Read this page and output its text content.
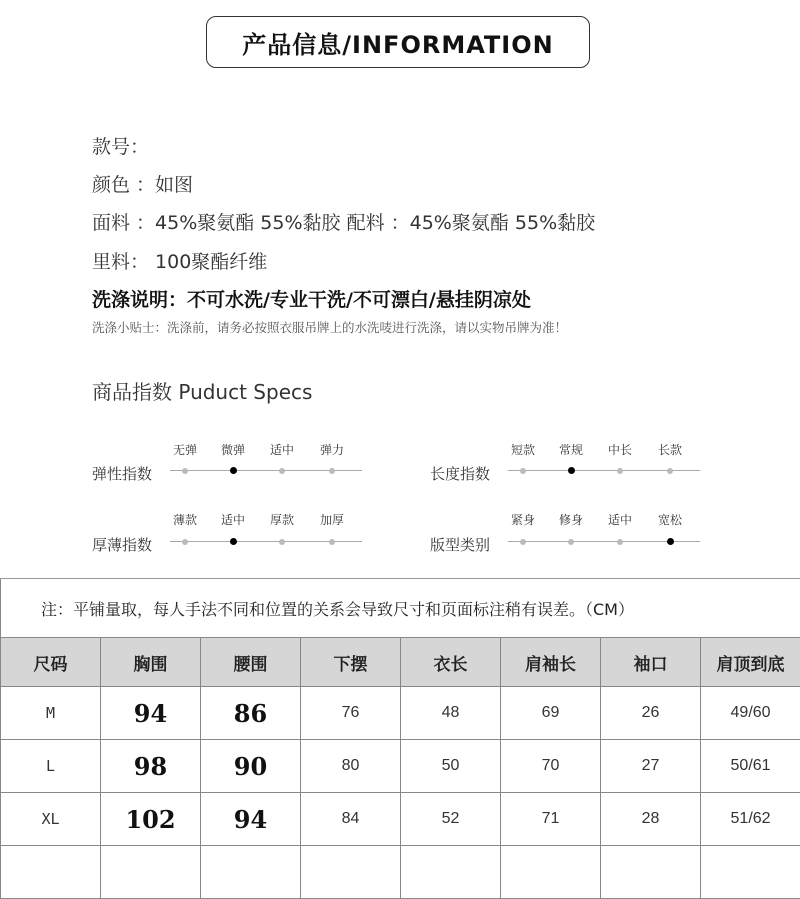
产品信息/INFORMATION
款号：
颜色 ：如图
面料 ：45%聚氨酯 55%黏胶 配料 ：45%聚氨酯 55%黏胶
里料： 100聚酯纤维
洗涤说明：不可水洗/专业干洗/不可漂白/悬挂阴凉处
洗涤小贴士：洗涤前，请务必按照衣服吊牌上的水洗唛进行洗涤，请以实物吊牌为准！
商品指数 Puduct Specs
弹性指数
无弹	微弹	适中	弹力
长度指数
短款	常规	中长	长款
厚薄指数
薄款	适中	厚款	加厚
版型类别
紧身	修身	适中	宽松
注：平铺量取，每人手法不同和位置的关系会导致尺寸和页面标注稍有误差。（CM）							
尺码	胸围	腰围	下摆	衣长	肩袖长	袖口	肩顶到底
M	94	86	76	48	69	26	49/60
L	98	90	80	50	70	27	50/61
XL	102	94	84	52	71	28	51/62
